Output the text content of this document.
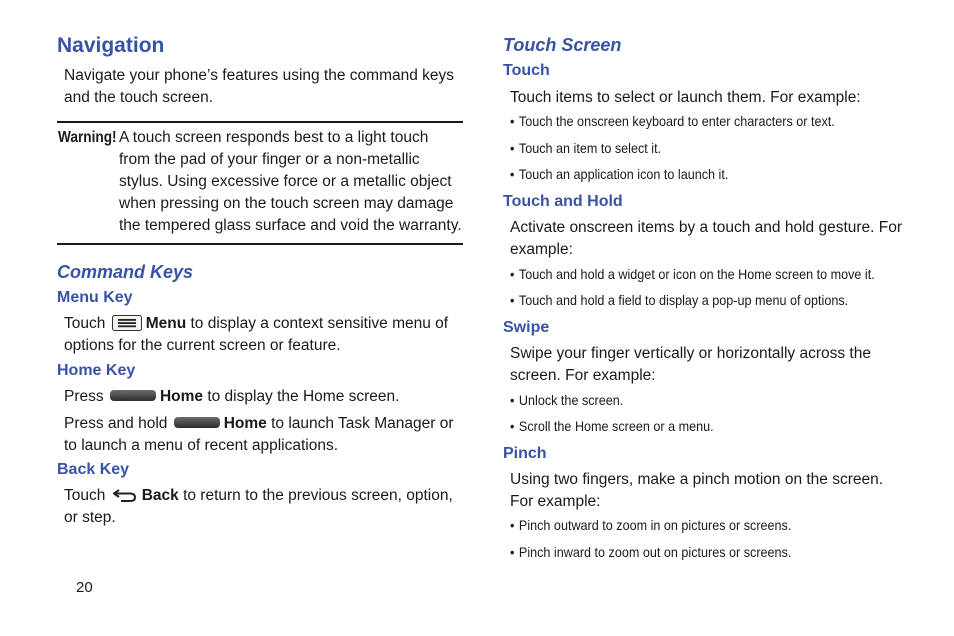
Navigation
Navigate your phone’s features using the command keys and the touch screen.
Warning! A touch screen responds best to a light touch from the pad of your finger or a non-metallic stylus. Using excessive force or a metallic object when pressing on the touch screen may damage the tempered glass surface and void the warranty.
Command Keys
Menu Key
Touch	Menu to display a context sensitive menu of options for the current screen or feature.
Home Key
Press	Home to display the Home screen.
Press and hold	Home to launch Task Manager or to launch a menu of recent applications.
Back Key
Touch Back to return to the previous screen, option, or step.
20
Touch Screen
Touch
Touch items to select or launch them. For example:
• Touch the onscreen keyboard to enter characters or text.
• Touch an item to select it.
• Touch an application icon to launch it.
Touch and Hold
Activate onscreen items by a touch and hold gesture. For example:
• Touch and hold a widget or icon on the Home screen to move it.
• Touch and hold a field to display a pop-up menu of options.
Swipe
Swipe your finger vertically or horizontally across the screen. For example:
• Unlock the screen.
• Scroll the Home screen or a menu.
Pinch
Using two fingers, make a pinch motion on the screen.
For example:
• Pinch outward to zoom in on pictures or screens.
• Pinch inward to zoom out on pictures or screens.
